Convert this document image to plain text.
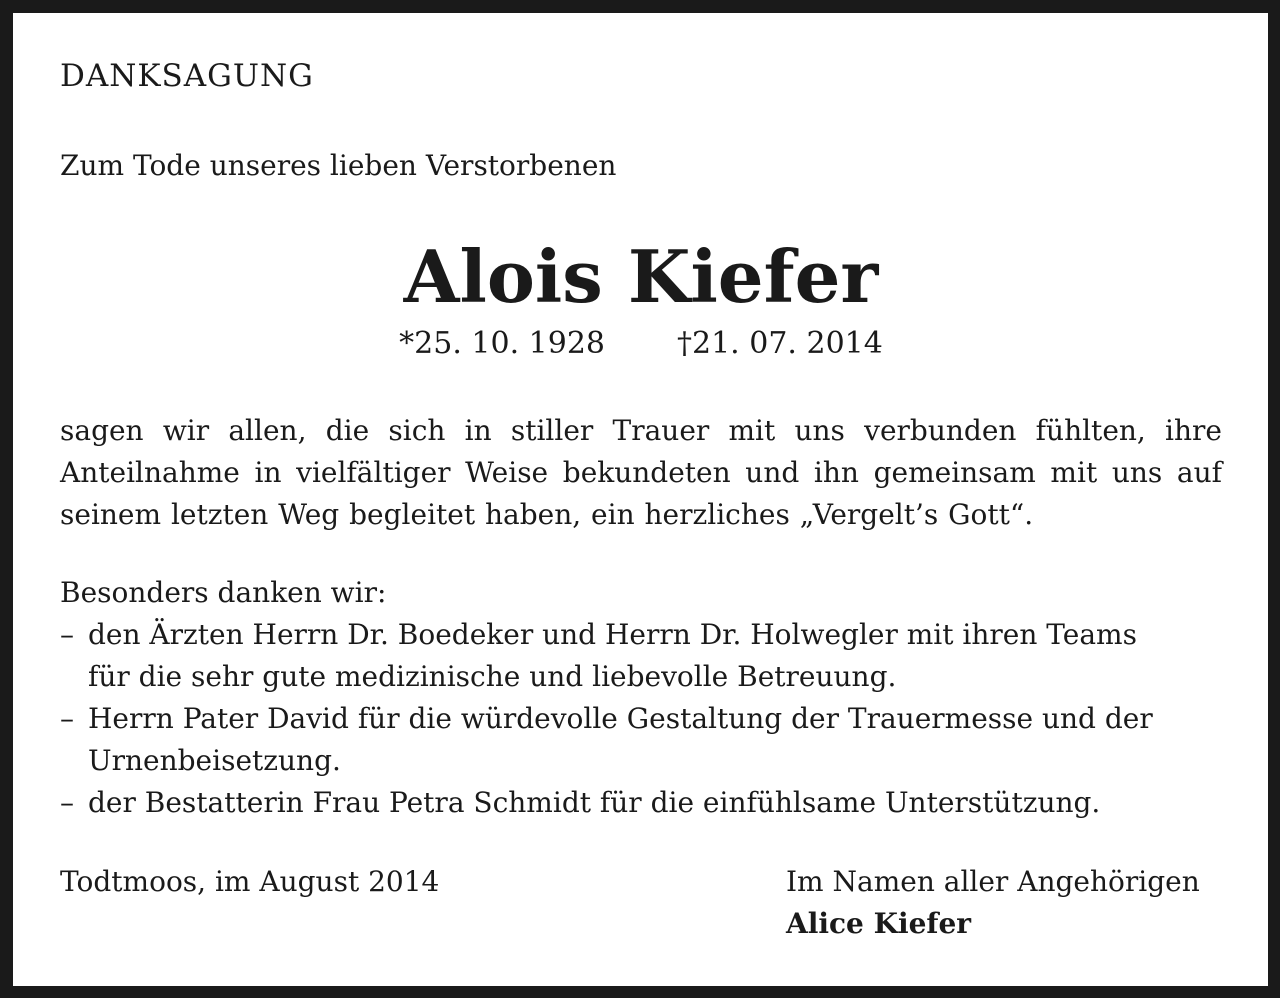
DANKSAGUNG
Zum Tode unseres lieben Verstorbenen
Alois Kiefer
*25. 10. 1928 †21. 07. 2014
sagen wir allen, die sich in stiller Trauer mit uns verbunden fühlten, ihre Anteilnahme in vielfältiger Weise bekundeten und ihn gemeinsam mit uns auf seinem letzten Weg begleitet haben, ein herzliches „Vergelt’s Gott“.
Besonders danken wir:
– den Ärzten Herrn Dr. Boedeker und Herrn Dr. Holwegler mit ihren Teams
für die sehr gute medizinische und liebevolle Betreuung.
– Herrn Pater David für die würdevolle Gestaltung der Trauermesse und der
Urnenbeisetzung.
– der Bestatterin Frau Petra Schmidt für die einfühlsame Unterstützung.
Todtmoos, im August 2014	Im Namen aller Angehörigen
Alice Kiefer
